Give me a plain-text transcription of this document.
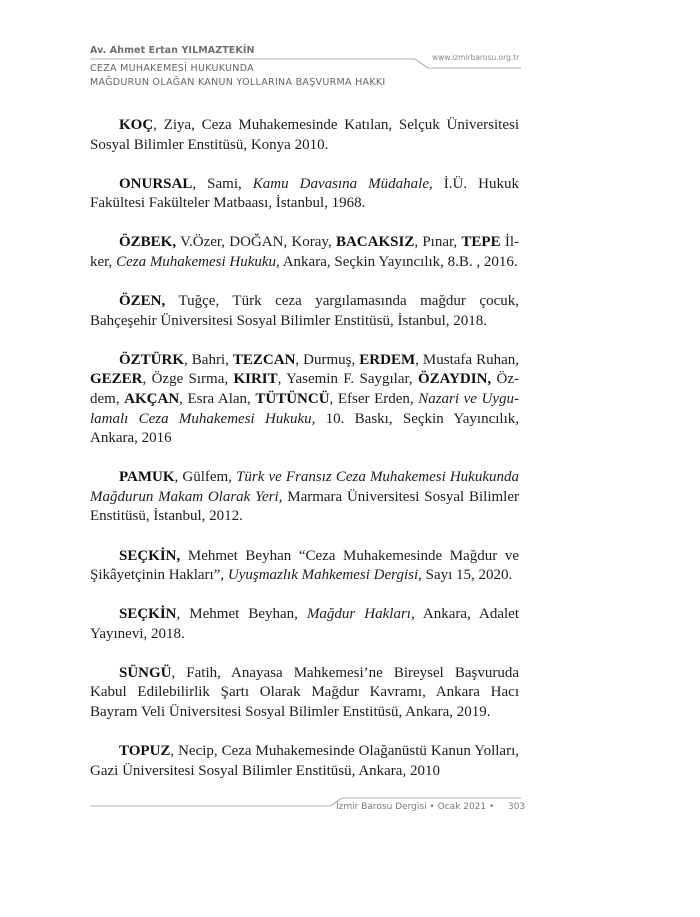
Av. Ahmet Ertan YILMAZTEKİN
CEZA MUHAKEMESİ HUKUKUNDA
MAĞDURUN OLAĞAN KANUN YOLLARINA BAŞVURMA HAKKI
www.izmirbarosu.org.tr

KOÇ, Ziya, Ceza Muhakemesinde Katılan, Selçuk Üniversitesi Sosyal Bilimler Enstitüsü, Konya 2010.

ONURSAL, Sami, Kamu Davasına Müdahale, İ.Ü. Hukuk Fakültesi Fakülteler Matbaası, İstanbul, 1968.

ÖZBEK, V.Özer, DOĞAN, Koray, BACAKSIZ, Pınar, TEPE İlker, Ceza Muhakemesi Hukuku, Ankara, Seçkin Yayıncılık, 8.B. , 2016.

ÖZEN, Tuğçe, Türk ceza yargılamasında mağdur çocuk, Bahçeşehir Üniversitesi Sosyal Bilimler Enstitüsü, İstanbul, 2018.

ÖZTÜRK, Bahri, TEZCAN, Durmuş, ERDEM, Mustafa Ruhan, GEZER, Özge Sırma, KIRIT, Yasemin F. Saygılar, ÖZAYDIN, Özdem, AKÇAN, Esra Alan, TÜTÜNCÜ, Efser Erden, Nazari ve Uygulamalı Ceza Muhakemesi Hukuku, 10. Baskı, Seçkin Yayıncılık, Ankara, 2016

PAMUK, Gülfem, Türk ve Fransız Ceza Muhakemesi Hukukunda Mağdurun Makam Olarak Yeri, Marmara Üniversitesi Sosyal Bilimler Enstitüsü, İstanbul, 2012.

SEÇKİN, Mehmet Beyhan “Ceza Muhakemesinde Mağdur ve Şikâyetçinin Hakları”, Uyuşmazlık Mahkemesi Dergisi, Sayı 15, 2020.

SEÇKİN, Mehmet Beyhan, Mağdur Hakları, Ankara, Adalet Yayınevi, 2018.

SÜNGÜ, Fatih, Anayasa Mahkemesi’ne Bireysel Başvuruda Kabul Edilebilirlik Şartı Olarak Mağdur Kavramı, Ankara Hacı Bayram Veli Üniversitesi Sosyal Bilimler Enstitüsü, Ankara, 2019.

TOPUZ, Necip, Ceza Muhakemesinde Olağanüstü Kanun Yolları, Gazi Üniversitesi Sosyal Bilimler Enstitüsü, Ankara, 2010

İzmir Barosu Dergisi • Ocak 2021 • 303
